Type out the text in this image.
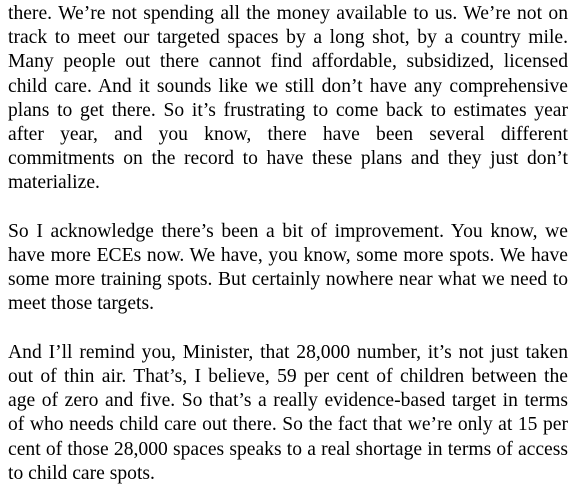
there. We’re not spending all the money available to us. We’re not on track to meet our targeted spaces by a long shot, by a country mile. Many people out there cannot find affordable, subsidized, licensed child care. And it sounds like we still don’t have any comprehensive plans to get there. So it’s frustrating to come back to estimates year after year, and you know, there have been several different commitments on the record to have these plans and they just don’t materialize.

So I acknowledge there’s been a bit of improvement. You know, we have more ECEs now. We have, you know, some more spots. We have some more training spots. But certainly nowhere near what we need to meet those targets.

And I’ll remind you, Minister, that 28,000 number, it’s not just taken out of thin air. That’s, I believe, 59 per cent of children between the age of zero and five. So that’s a really evidence-based target in terms of who needs child care out there. So the fact that we’re only at 15 per cent of those 28,000 spaces speaks to a real shortage in terms of access to child care spots.
